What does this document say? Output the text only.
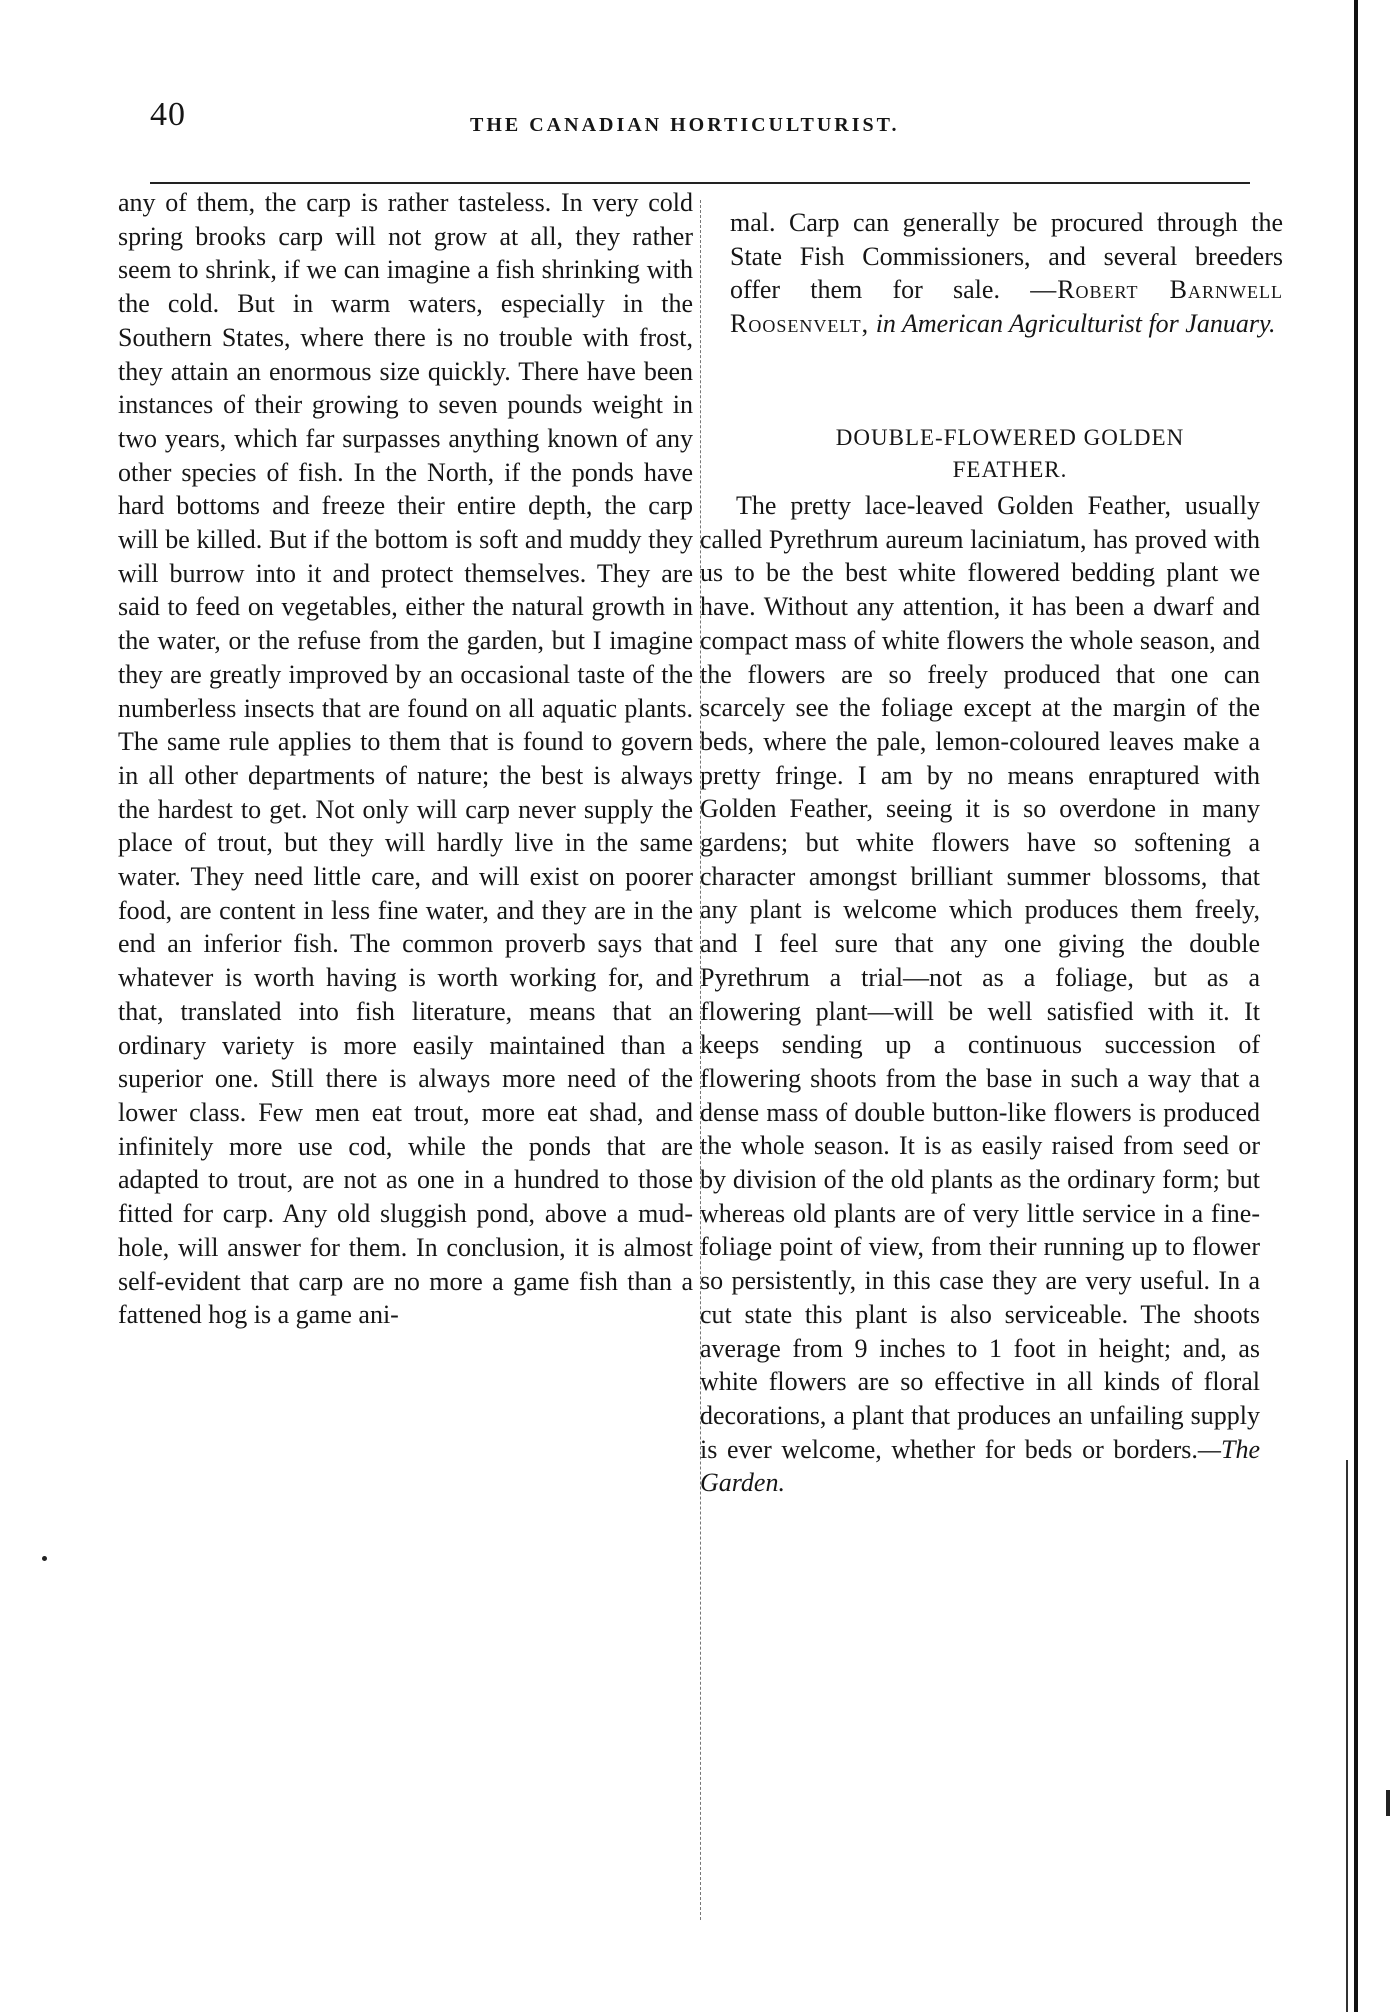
40	THE CANADIAN HORTICULTURIST.

any of them, the carp is rather tasteless. In very cold spring brooks carp will not grow at all, they rather seem to shrink, if we can imagine a fish shrinking with the cold. But in warm waters, especially in the Southern States, where there is no trouble with frost, they attain an enormous size quickly. There have been instances of their growing to seven pounds weight in two years, which far surpasses anything known of any other species of fish. In the North, if the ponds have hard bottoms and freeze their entire depth, the carp will be killed. But if the bottom is soft and muddy they will burrow into it and protect themselves. They are said to feed on vegetables, either the natural growth in the water, or the refuse from the garden, but I imagine they are greatly improved by an occasional taste of the numberless insects that are found on all aquatic plants. The same rule applies to them that is found to govern in all other departments of nature; the best is always the hardest to get. Not only will carp never supply the place of trout, but they will hardly live in the same water. They need little care, and will exist on poorer food, are content in less fine water, and they are in the end an inferior fish. The common proverb says that whatever is worth having is worth working for, and that, translated into fish literature, means that an ordinary variety is more easily maintained than a superior one. Still there is always more need of the lower class. Few men eat trout, more eat shad, and infinitely more use cod, while the ponds that are adapted to trout, are not as one in a hundred to those fitted for carp. Any old sluggish pond, above a mud-hole, will answer for them. In conclusion, it is almost self-evident that carp are no more a game fish than a fattened hog is a game ani-

mal. Carp can generally be procured through the State Fish Commissioners, and several breeders offer them for sale. —Robert Barnwell Roosenvelt, in American Agriculturist for January.

DOUBLE-FLOWERED GOLDEN
FEATHER.

The pretty lace-leaved Golden Feather, usually called Pyrethrum aureum laciniatum, has proved with us to be the best white flowered bedding plant we have. Without any attention, it has been a dwarf and compact mass of white flowers the whole season, and the flowers are so freely produced that one can scarcely see the foliage except at the margin of the beds, where the pale, lemon-coloured leaves make a pretty fringe. I am by no means enraptured with Golden Feather, seeing it is so overdone in many gardens; but white flowers have so softening a character amongst brilliant summer blossoms, that any plant is welcome which produces them freely, and I feel sure that any one giving the double Pyrethrum a trial—not as a foliage, but as a flowering plant—will be well satisfied with it. It keeps sending up a continuous succession of flowering shoots from the base in such a way that a dense mass of double button-like flowers is produced the whole season. It is as easily raised from seed or by division of the old plants as the ordinary form; but whereas old plants are of very little service in a fine-foliage point of view, from their running up to flower so persistently, in this case they are very useful. In a cut state this plant is also serviceable. The shoots average from 9 inches to 1 foot in height; and, as white flowers are so effective in all kinds of floral decorations, a plant that produces an unfailing supply is ever welcome, whether for beds or borders.—The Garden.
